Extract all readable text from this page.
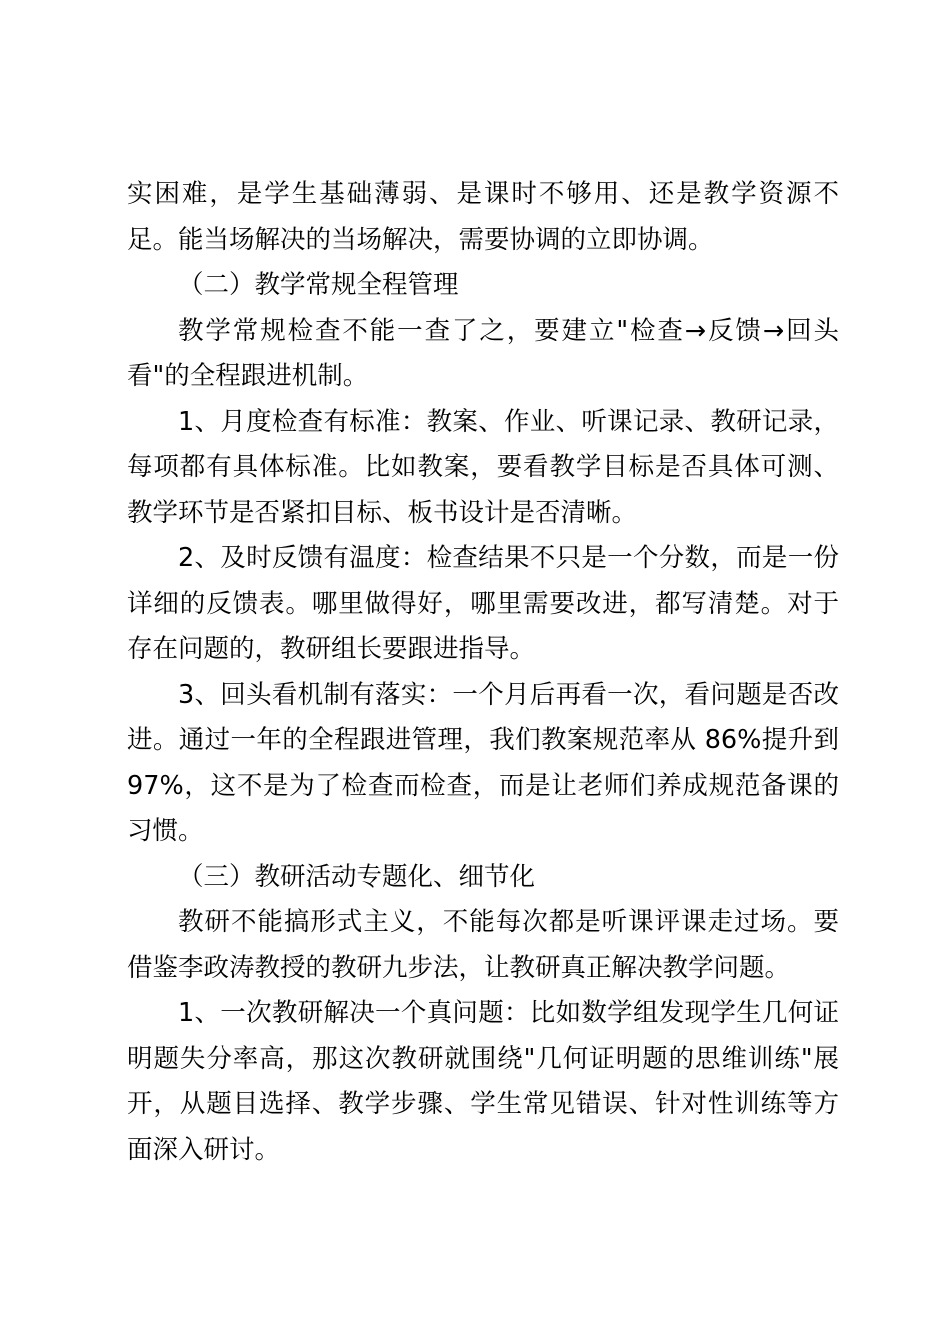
实困难，是学生基础薄弱、是课时不够用、还是教学资源不足。能当场解决的当场解决，需要协调的立即协调。

（二）教学常规全程管理

教学常规检查不能一查了之，要建立"检查→反馈→回头看"的全程跟进机制。

1、月度检查有标准：教案、作业、听课记录、教研记录，每项都有具体标准。比如教案，要看教学目标是否具体可测、教学环节是否紧扣目标、板书设计是否清晰。

2、及时反馈有温度：检查结果不只是一个分数，而是一份详细的反馈表。哪里做得好，哪里需要改进，都写清楚。对于存在问题的，教研组长要跟进指导。

3、回头看机制有落实：一个月后再看一次，看问题是否改进。通过一年的全程跟进管理，我们教案规范率从 86%提升到 97%，这不是为了检查而检查，而是让老师们养成规范备课的习惯。

（三）教研活动专题化、细节化

教研不能搞形式主义，不能每次都是听课评课走过场。要借鉴李政涛教授的教研九步法，让教研真正解决教学问题。

1、一次教研解决一个真问题：比如数学组发现学生几何证明题失分率高，那这次教研就围绕"几何证明题的思维训练"展开，从题目选择、教学步骤、学生常见错误、针对性训练等方面深入研讨。
